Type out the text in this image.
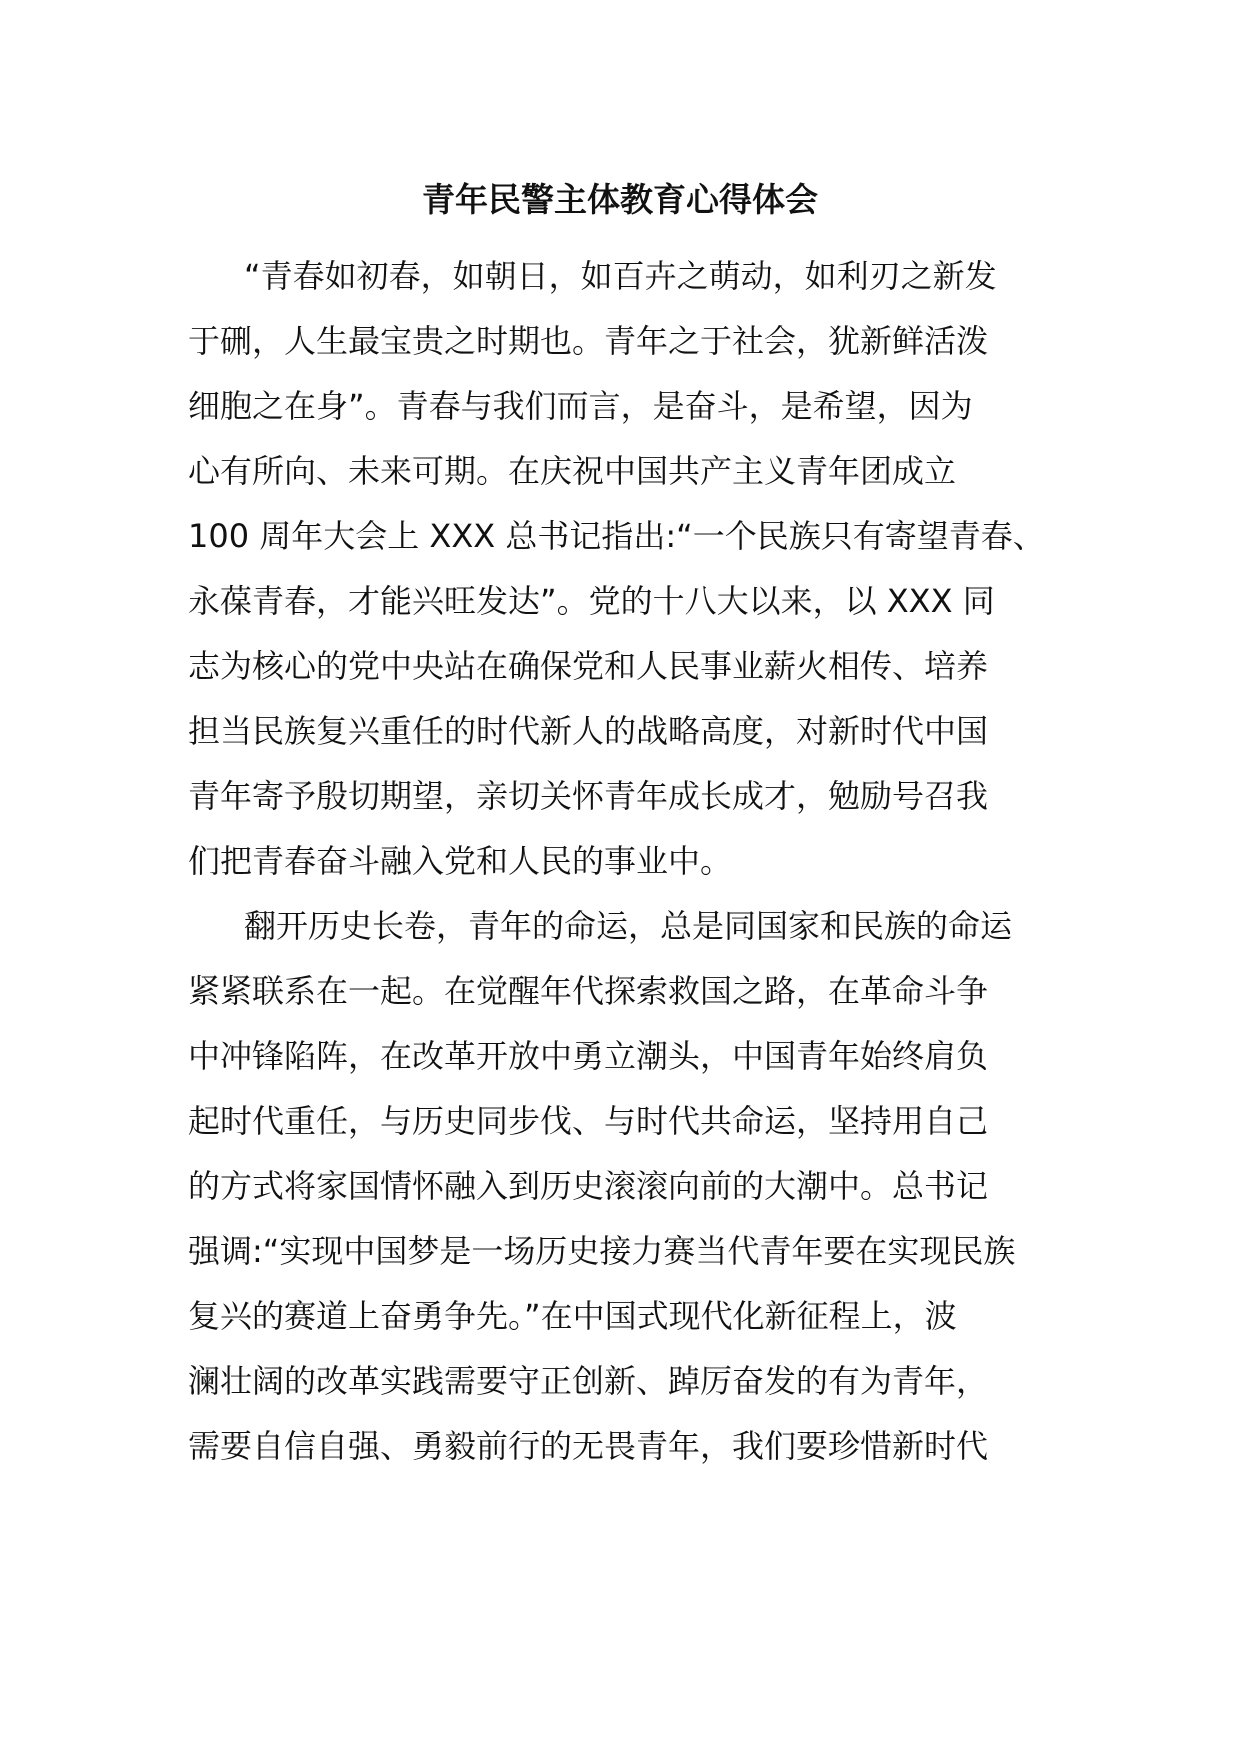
青年民警主体教育心得体会
“青春如初春，如朝日，如百卉之萌动，如利刃之新发
于硎，人生最宝贵之时期也。青年之于社会，犹新鲜活泼
细胞之在身”。青春与我们而言，是奋斗，是希望，因为
心有所向、未来可期。在庆祝中国共产主义青年团成立
100 周年大会上 XXX 总书记指出:“一个民族只有寄望青春、
永葆青春，才能兴旺发达”。党的十八大以来，以 XXX 同
志为核心的党中央站在确保党和人民事业薪火相传、培养
担当民族复兴重任的时代新人的战略高度，对新时代中国
青年寄予殷切期望，亲切关怀青年成长成才，勉励号召我
们把青春奋斗融入党和人民的事业中。
翻开历史长卷，青年的命运，总是同国家和民族的命运
紧紧联系在一起。在觉醒年代探索救国之路，在革命斗争
中冲锋陷阵，在改革开放中勇立潮头，中国青年始终肩负
起时代重任，与历史同步伐、与时代共命运，坚持用自己
的方式将家国情怀融入到历史滚滚向前的大潮中。总书记
强调:“实现中国梦是一场历史接力赛当代青年要在实现民族
复兴的赛道上奋勇争先。”在中国式现代化新征程上，波
澜壮阔的改革实践需要守正创新、踔厉奋发的有为青年，
需要自信自强、勇毅前行的无畏青年，我们要珍惜新时代
